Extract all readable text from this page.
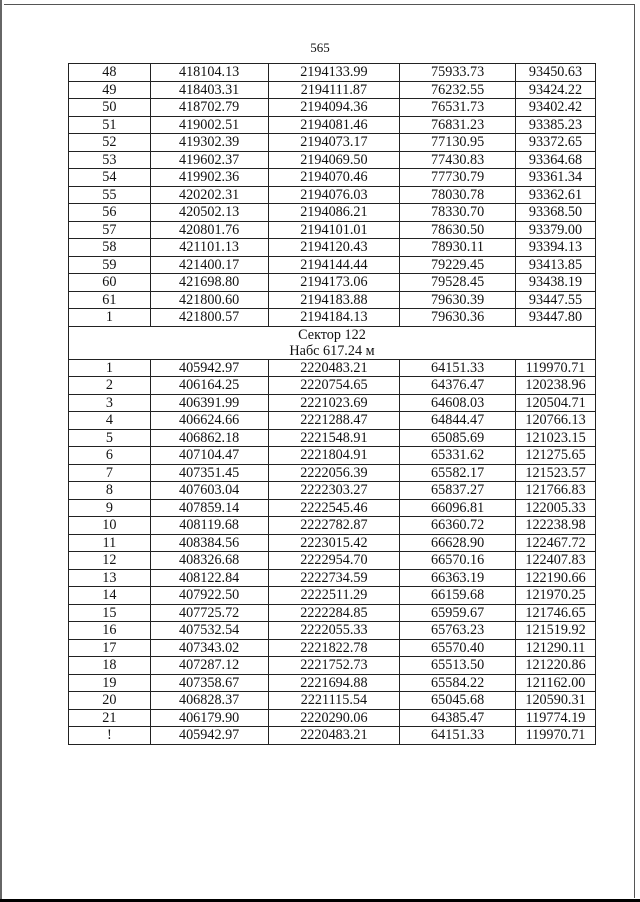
565
48	418104.13	2194133.99	75933.73	93450.63
49	418403.31	2194111.87	76232.55	93424.22
50	418702.79	2194094.36	76531.73	93402.42
51	419002.51	2194081.46	76831.23	93385.23
52	419302.39	2194073.17	77130.95	93372.65
53	419602.37	2194069.50	77430.83	93364.68
54	419902.36	2194070.46	77730.79	93361.34
55	420202.31	2194076.03	78030.78	93362.61
56	420502.13	2194086.21	78330.70	93368.50
57	420801.76	2194101.01	78630.50	93379.00
58	421101.13	2194120.43	78930.11	93394.13
59	421400.17	2194144.44	79229.45	93413.85
60	421698.80	2194173.06	79528.45	93438.19
61	421800.60	2194183.88	79630.39	93447.55
1	421800.57	2194184.13	79630.36	93447.80

Сектор 122
Набс 617.24 м				

1	405942.97	2220483.21	64151.33	119970.71
2	406164.25	2220754.65	64376.47	120238.96
3	406391.99	2221023.69	64608.03	120504.71
4	406624.66	2221288.47	64844.47	120766.13
5	406862.18	2221548.91	65085.69	121023.15
6	407104.47	2221804.91	65331.62	121275.65
7	407351.45	2222056.39	65582.17	121523.57
8	407603.04	2222303.27	65837.27	121766.83
9	407859.14	2222545.46	66096.81	122005.33
10	408119.68	2222782.87	66360.72	122238.98
11	408384.56	2223015.42	66628.90	122467.72
12	408326.68	2222954.70	66570.16	122407.83
13	408122.84	2222734.59	66363.19	122190.66
14	407922.50	2222511.29	66159.68	121970.25
15	407725.72	2222284.85	65959.67	121746.65
16	407532.54	2222055.33	65763.23	121519.92
17	407343.02	2221822.78	65570.40	121290.11
18	407287.12	2221752.73	65513.50	121220.86
19	407358.67	2221694.88	65584.22	121162.00
20	406828.37	2221115.54	65045.68	120590.31
21	406179.90	2220290.06	64385.47	119774.19
!	405942.97	2220483.21	64151.33	119970.71
